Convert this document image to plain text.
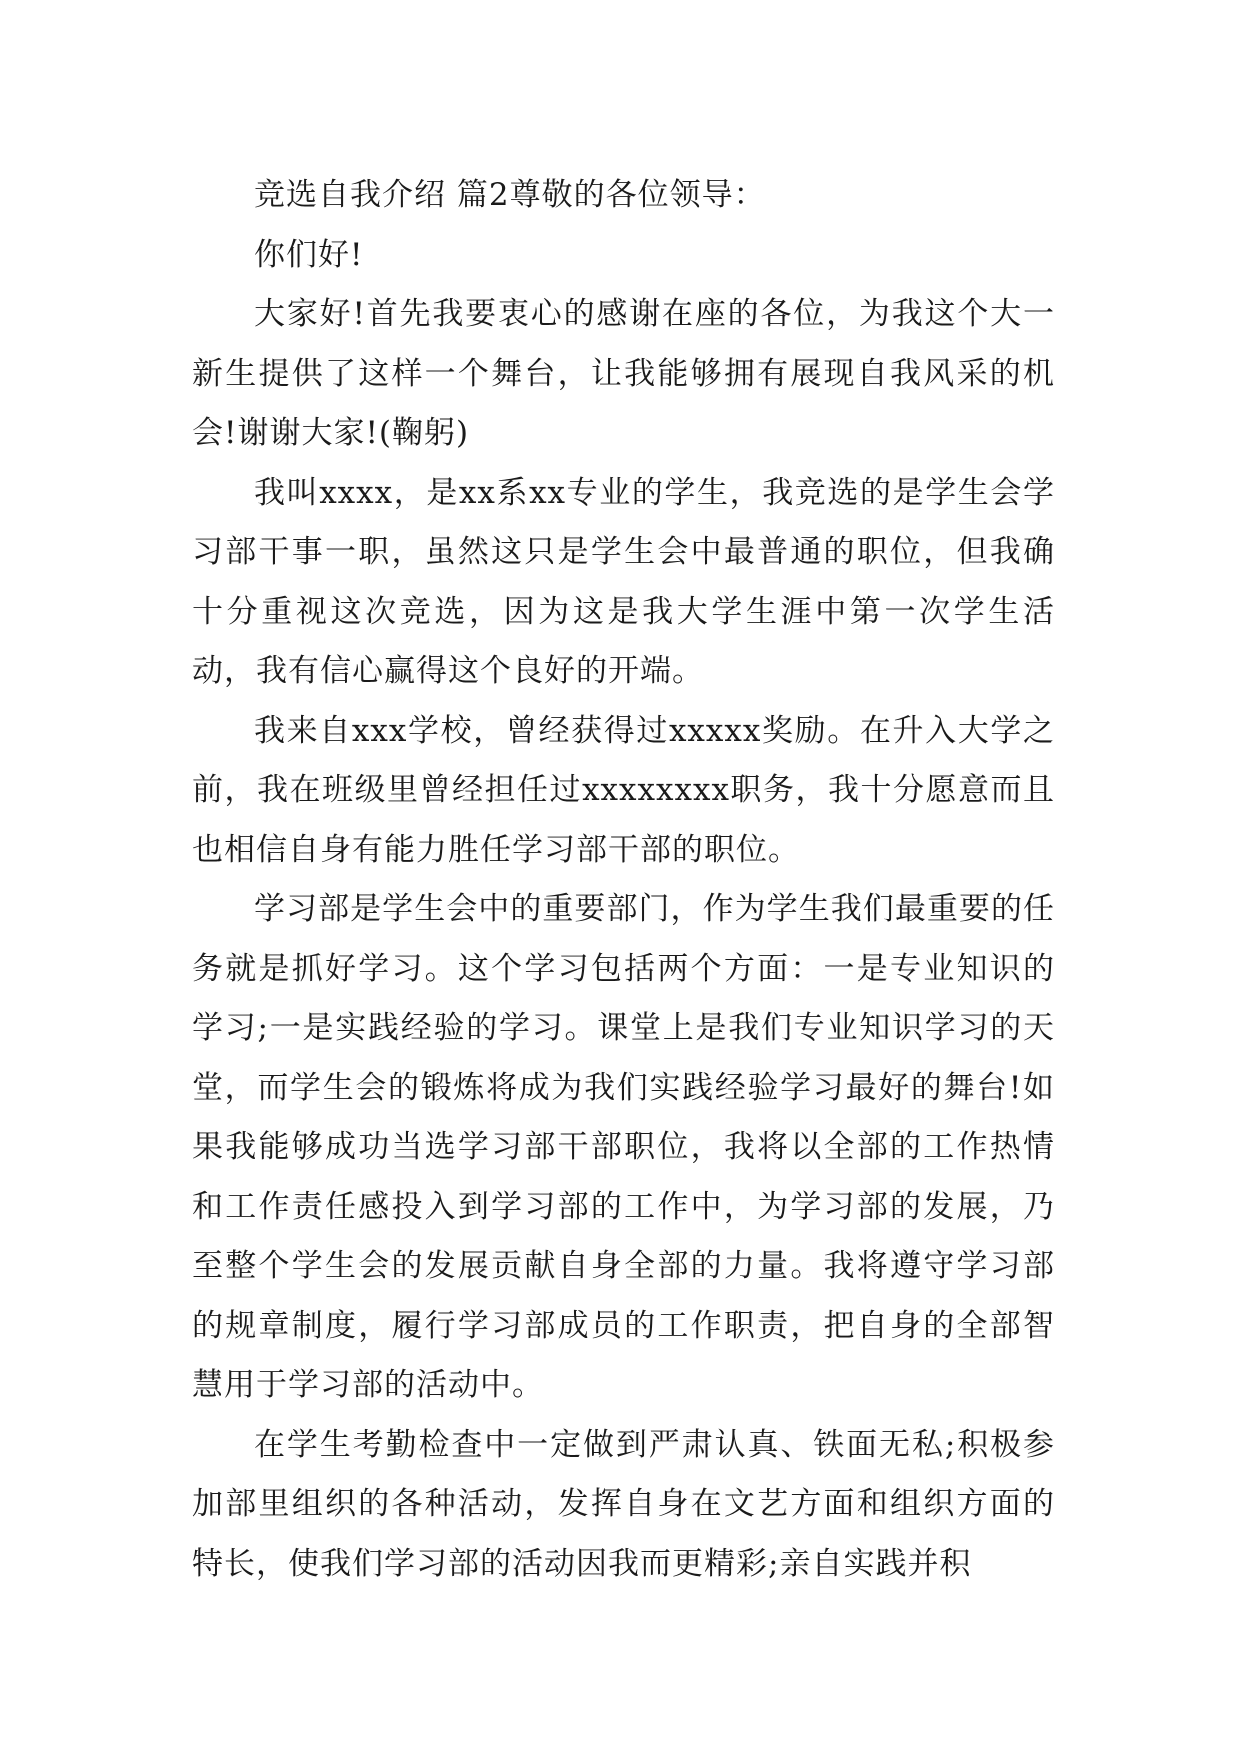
竞选自我介绍 篇2尊敬的各位领导：

你们好!

大家好!首先我要衷心的感谢在座的各位，为我这个大一新生提供了这样一个舞台，让我能够拥有展现自我风采的机会!谢谢大家!(鞠躬)

我叫xxxx，是xx系xx专业的学生，我竞选的是学生会学习部干事一职，虽然这只是学生会中最普通的职位，但我确十分重视这次竞选，因为这是我大学生涯中第一次学生活动，我有信心赢得这个良好的开端。

我来自xxx学校，曾经获得过xxxxx奖励。在升入大学之前，我在班级里曾经担任过xxxxxxxx职务，我十分愿意而且也相信自身有能力胜任学习部干部的职位。

学习部是学生会中的重要部门，作为学生我们最重要的任务就是抓好学习。这个学习包括两个方面：一是专业知识的学习;一是实践经验的学习。课堂上是我们专业知识学习的天堂，而学生会的锻炼将成为我们实践经验学习最好的舞台!如果我能够成功当选学习部干部职位，我将以全部的工作热情和工作责任感投入到学习部的工作中，为学习部的发展，乃至整个学生会的发展贡献自身全部的力量。我将遵守学习部的规章制度，履行学习部成员的工作职责，把自身的全部智慧用于学习部的活动中。

在学生考勤检查中一定做到严肃认真、铁面无私;积极参加部里组织的各种活动，发挥自身在文艺方面和组织方面的特长，使我们学习部的活动因我而更精彩;亲自实践并积
